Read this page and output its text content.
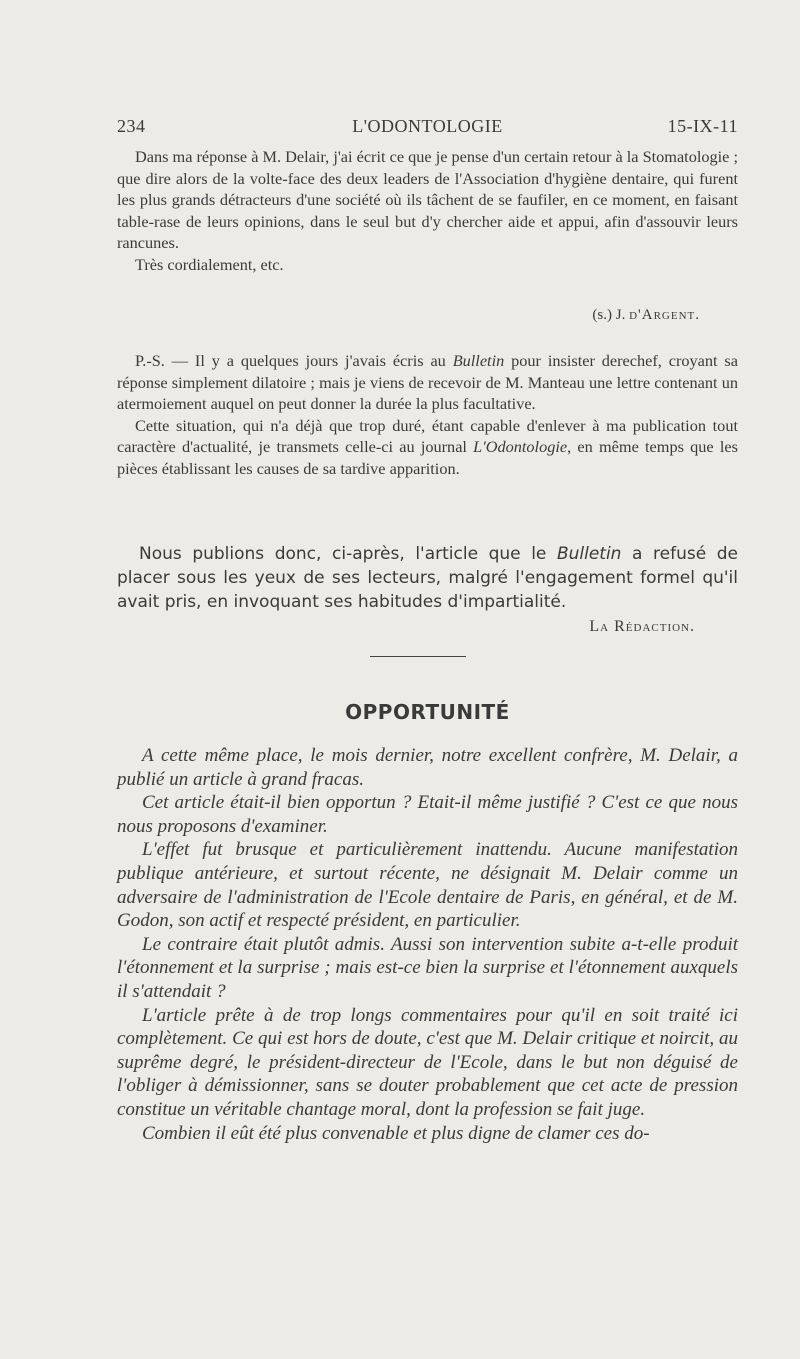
234	L'ODONTOLOGIE	15-IX-11

Dans ma réponse à M. Delair, j'ai écrit ce que je pense d'un certain retour à la Stomatologie ; que dire alors de la volte-face des deux leaders de l'Association d'hygiène dentaire, qui furent les plus grands détracteurs d'une société où ils tâchent de se faufiler, en ce moment, en faisant table-rase de leurs opinions, dans le seul but d'y chercher aide et appui, afin d'assouvir leurs rancunes.

Très cordialement, etc.

(s.) J. d'Argent.

P.-S. — Il y a quelques jours j'avais écris au Bulletin pour insister derechef, croyant sa réponse simplement dilatoire ; mais je viens de recevoir de M. Manteau une lettre contenant un atermoiement auquel on peut donner la durée la plus facultative.

Cette situation, qui n'a déjà que trop duré, étant capable d'enlever à ma publication tout caractère d'actualité, je transmets celle-ci au journal L'Odontologie, en même temps que les pièces établissant les causes de sa tardive apparition.

Nous publions donc, ci-après, l'article que le Bulletin a refusé de placer sous les yeux de ses lecteurs, malgré l'engagement formel qu'il avait pris, en invoquant ses habitudes d'impartialité.

La Rédaction.
OPPORTUNITÉ

A cette même place, le mois dernier, notre excellent confrère, M. Delair, a publié un article à grand fracas.

Cet article était-il bien opportun ? Etait-il même justifié ? C'est ce que nous nous proposons d'examiner.

L'effet fut brusque et particulièrement inattendu. Aucune manifestation publique antérieure, et surtout récente, ne désignait M. Delair comme un adversaire de l'administration de l'Ecole dentaire de Paris, en général, et de M. Godon, son actif et respecté président, en particulier.

Le contraire était plutôt admis. Aussi son intervention subite a-t-elle produit l'étonnement et la surprise ; mais est-ce bien la surprise et l'étonnement auxquels il s'attendait ?

L'article prête à de trop longs commentaires pour qu'il en soit traité ici complètement. Ce qui est hors de doute, c'est que M. Delair critique et noircit, au suprême degré, le président-directeur de l'Ecole, dans le but non déguisé de l'obliger à démissionner, sans se douter probablement que cet acte de pression constitue un véritable chantage moral, dont la profession se fait juge.

Combien il eût été plus convenable et plus digne de clamer ces do-
